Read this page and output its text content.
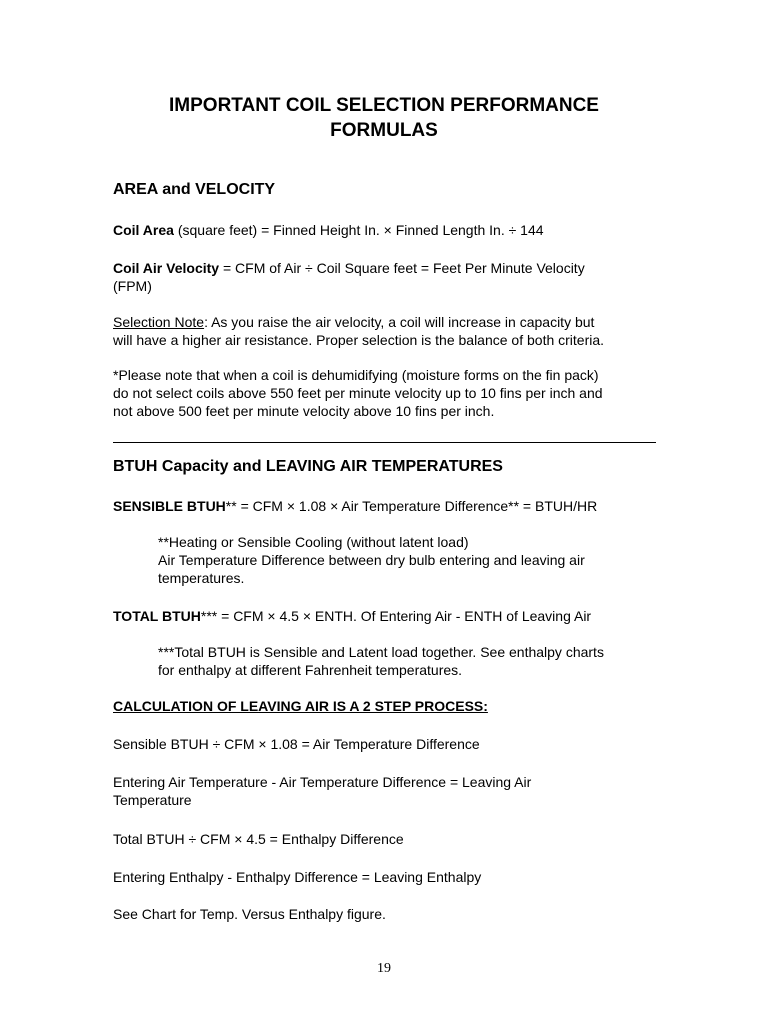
IMPORTANT COIL SELECTION PERFORMANCE
FORMULAS
AREA and VELOCITY
Coil Area (square feet) = Finned Height In. × Finned Length In. ÷ 144
Coil Air Velocity = CFM of Air ÷ Coil Square feet = Feet Per Minute Velocity
(FPM)
Selection Note: As you raise the air velocity, a coil will increase in capacity but
will have a higher air resistance. Proper selection is the balance of both criteria.
*Please note that when a coil is dehumidifying (moisture forms on the fin pack)
do not select coils above 550 feet per minute velocity up to 10 fins per inch and
not above 500 feet per minute velocity above 10 fins per inch.
BTUH Capacity and LEAVING AIR TEMPERATURES
SENSIBLE BTUH** = CFM × 1.08 × Air Temperature Difference** = BTUH/HR
**Heating or Sensible Cooling (without latent load)
Air Temperature Difference between dry bulb entering and leaving air
temperatures.
TOTAL BTUH*** = CFM × 4.5 × ENTH. Of Entering Air - ENTH of Leaving Air
***Total BTUH is Sensible and Latent load together. See enthalpy charts
for enthalpy at different Fahrenheit temperatures.
CALCULATION OF LEAVING AIR IS A 2 STEP PROCESS:
Sensible BTUH ÷ CFM × 1.08 = Air Temperature Difference
Entering Air Temperature - Air Temperature Difference = Leaving Air
Temperature
Total BTUH ÷ CFM × 4.5 = Enthalpy Difference
Entering Enthalpy - Enthalpy Difference = Leaving Enthalpy
See Chart for Temp. Versus Enthalpy figure.
19
